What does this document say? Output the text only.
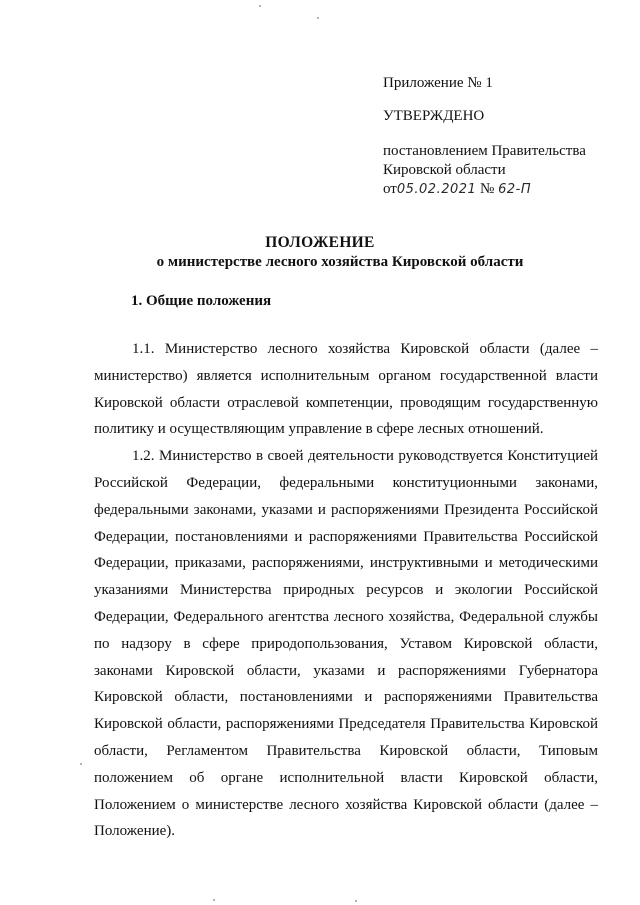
Приложение № 1
УТВЕРЖДЕНО
постановлением Правительства
Кировской области
от05.02.2021 № 62-П
ПОЛОЖЕНИЕ
о министерстве лесного хозяйства Кировской области
1. Общие положения

1.1. Министерство лесного хозяйства Кировской области (далее – министерство) является исполнительным органом государственной власти Кировской области отраслевой компетенции, проводящим государственную политику и осуществляющим управление в сфере лесных отношений.

1.2. Министерство в своей деятельности руководствуется Конституцией Российской Федерации, федеральными конституционными законами, федеральными законами, указами и распоряжениями Президента Российской Федерации, постановлениями и распоряжениями Правительства Российской Федерации, приказами, распоряжениями, инструктивными и методическими указаниями Министерства природных ресурсов и экологии Российской Федерации, Федерального агентства лесного хозяйства, Федеральной службы по надзору в сфере природопользования, Уставом Кировской области, законами Кировской области, указами и распоряжениями Губернатора Кировской области, постановлениями и распоряжениями Правительства Кировской области, распоряжениями Председателя Правительства Кировской области, Регламентом Правительства Кировской области, Типовым положением об органе исполнительной власти Кировской области, Положением о министерстве лесного хозяйства Кировской области (далее – Положение).
